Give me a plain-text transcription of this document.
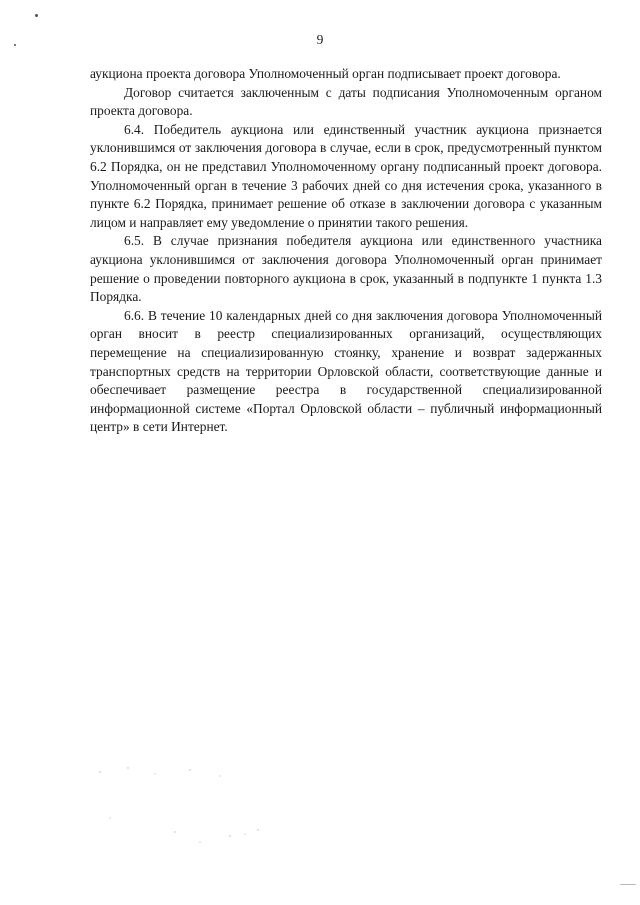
9

аукциона проекта договора Уполномоченный орган подписывает проект договора.

Договор считается заключенным с даты подписания Уполномоченным органом проекта договора.

6.4. Победитель аукциона или единственный участник аукциона признается уклонившимся от заключения договора в случае, если в срок, предусмотренный пунктом 6.2 Порядка, он не представил Уполномоченному органу подписанный проект договора. Уполномоченный орган в течение 3 рабочих дней со дня истечения срока, указанного в пункте 6.2 Порядка, принимает решение об отказе в заключении договора с указанным лицом и направляет ему уведомление о принятии такого решения.

6.5. В случае признания победителя аукциона или единственного участника аукциона уклонившимся от заключения договора Уполномоченный орган принимает решение о проведении повторного аукциона в срок, указанный в подпункте 1 пункта 1.3 Порядка.

6.6. В течение 10 календарных дней со дня заключения договора Уполномоченный орган вносит в реестр специализированных организаций, осуществляющих перемещение на специализированную стоянку, хранение и возврат задержанных транспортных средств на территории Орловской области, соответствующие данные и обеспечивает размещение реестра в государственной специализированной информационной системе «Портал Орловской области – публичный информационный центр» в сети Интернет.
